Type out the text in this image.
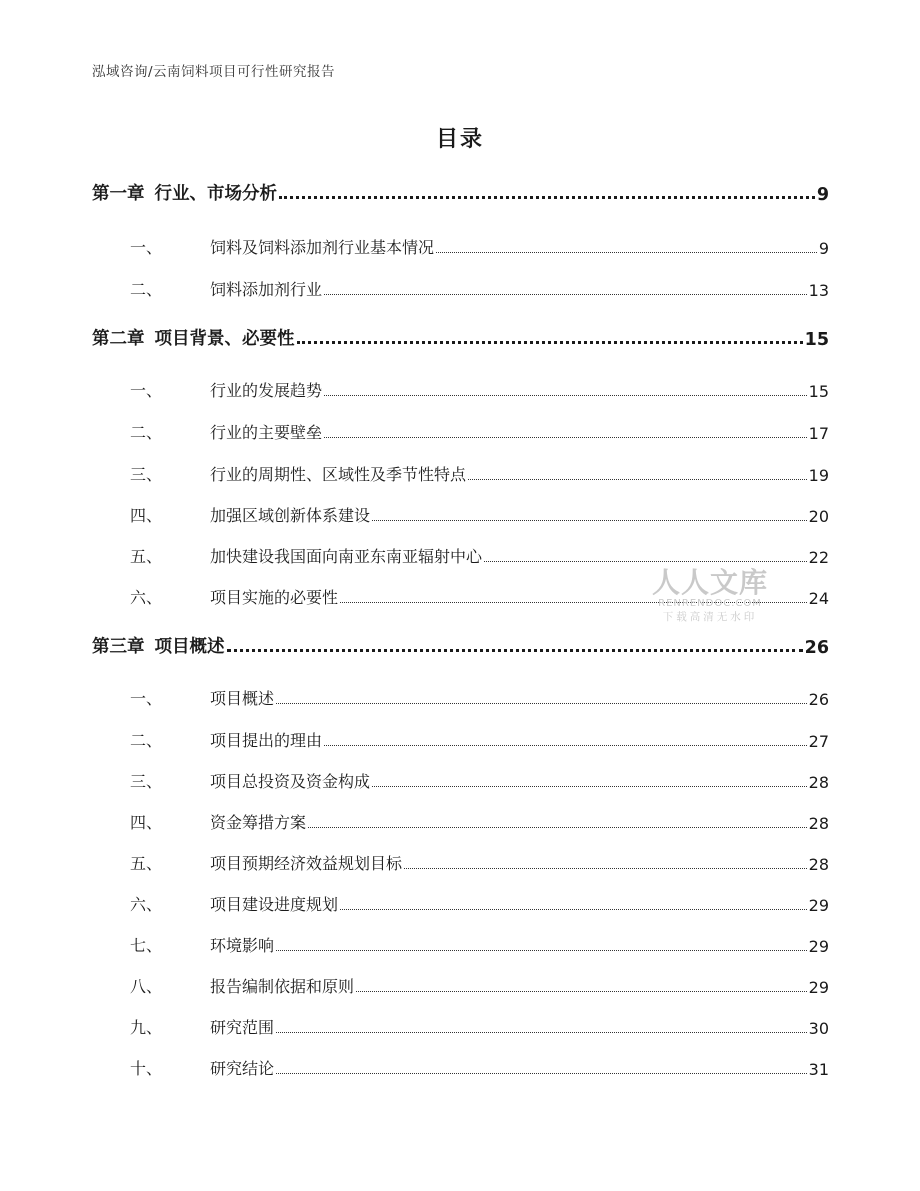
泓域咨询/云南饲料项目可行性研究报告
目录
第一章 行业、市场分析	9
一、	饲料及饲料添加剂行业基本情况	9
二、	饲料添加剂行业	13
第二章 项目背景、必要性	15
一、	行业的发展趋势	15
二、	行业的主要壁垒	17
三、	行业的周期性、区域性及季节性特点	19
四、	加强区域创新体系建设	20
五、	加快建设我国面向南亚东南亚辐射中心	22
六、	项目实施的必要性	24
第三章 项目概述	26
一、	项目概述	26
二、	项目提出的理由	27
三、	项目总投资及资金构成	28
四、	资金筹措方案	28
五、	项目预期经济效益规划目标	28
六、	项目建设进度规划	29
七、	环境影响	29
八、	报告编制依据和原则	29
九、	研究范围	30
十、	研究结论	31
人人文库
RENRENDOC.COM
下载高清无水印
